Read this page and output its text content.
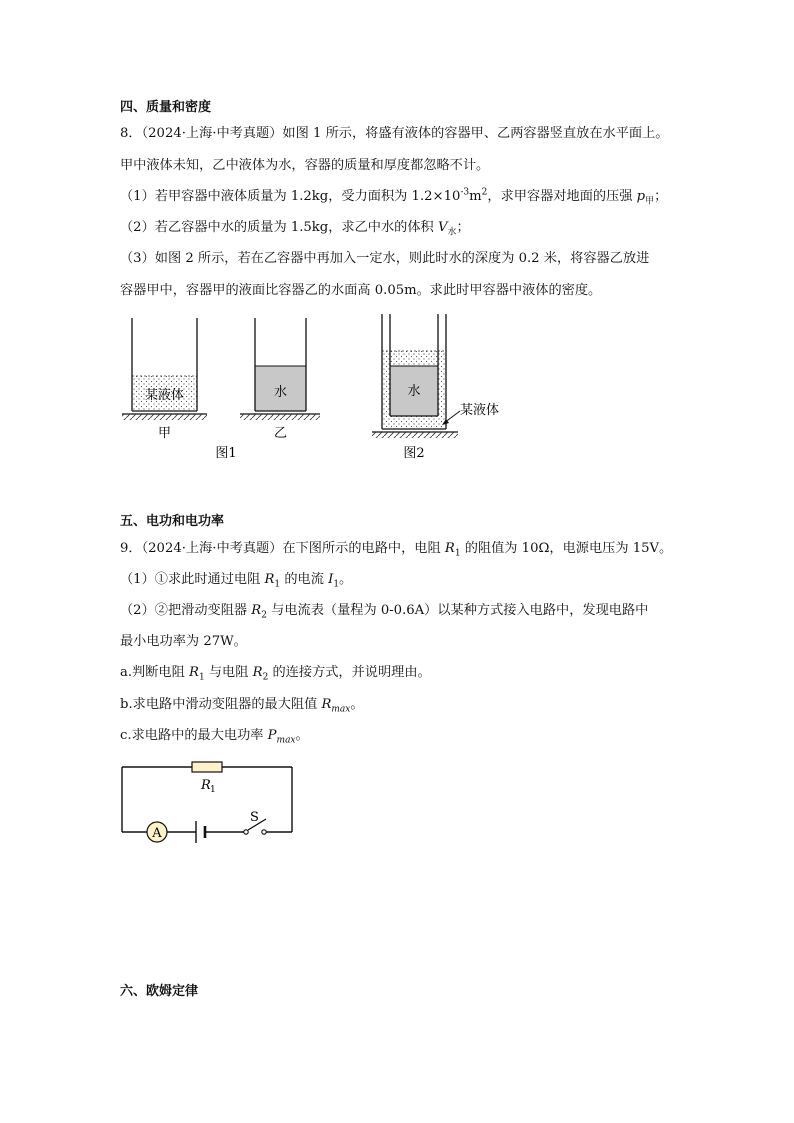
四、质量和密度
8．（2024·上海·中考真题）如图 1 所示，将盛有液体的容器甲、乙两容器竖直放在水平面上。
甲中液体未知，乙中液体为水，容器的质量和厚度都忽略不计。
（1）若甲容器中液体质量为 1.2kg，受力面积为 $1.2\times 10^{-3}m^2$，求甲容器对地面的压强 $p_甲$；
（2）若乙容器中水的质量为 1.5kg，求乙中水的体积 $V_水$；
（3）如图 2 所示，若在乙容器中再加入一定水，则此时水的深度为 0.2 米，将容器乙放进
容器甲中，容器甲的液面比容器乙的水面高 0.05m。求此时甲容器中液体的密度。
某液体
甲
水
乙
图1
水
某液体
图2
五、电功和电功率
9．（2024·上海·中考真题）在下图所示的电路中，电阻 $R_1$ 的阻值为 10Ω，电源电压为 15V。
（1）①求此时通过电阻 $R_1$ 的电流 $I_1$。
（2）②把滑动变阻器 $R_2$ 与电流表（量程为 0-0.6A）以某种方式接入电路中，发现电路中
最小电功率为 27W。
a.判断电阻 $R_1$ 与电阻 $R_2$ 的连接方式，并说明理由。
b.求电路中滑动变阻器的最大阻值 $R_{max}$。
c.求电路中的最大电功率 $P_{max}$。
R 1
A
S
六、欧姆定律
